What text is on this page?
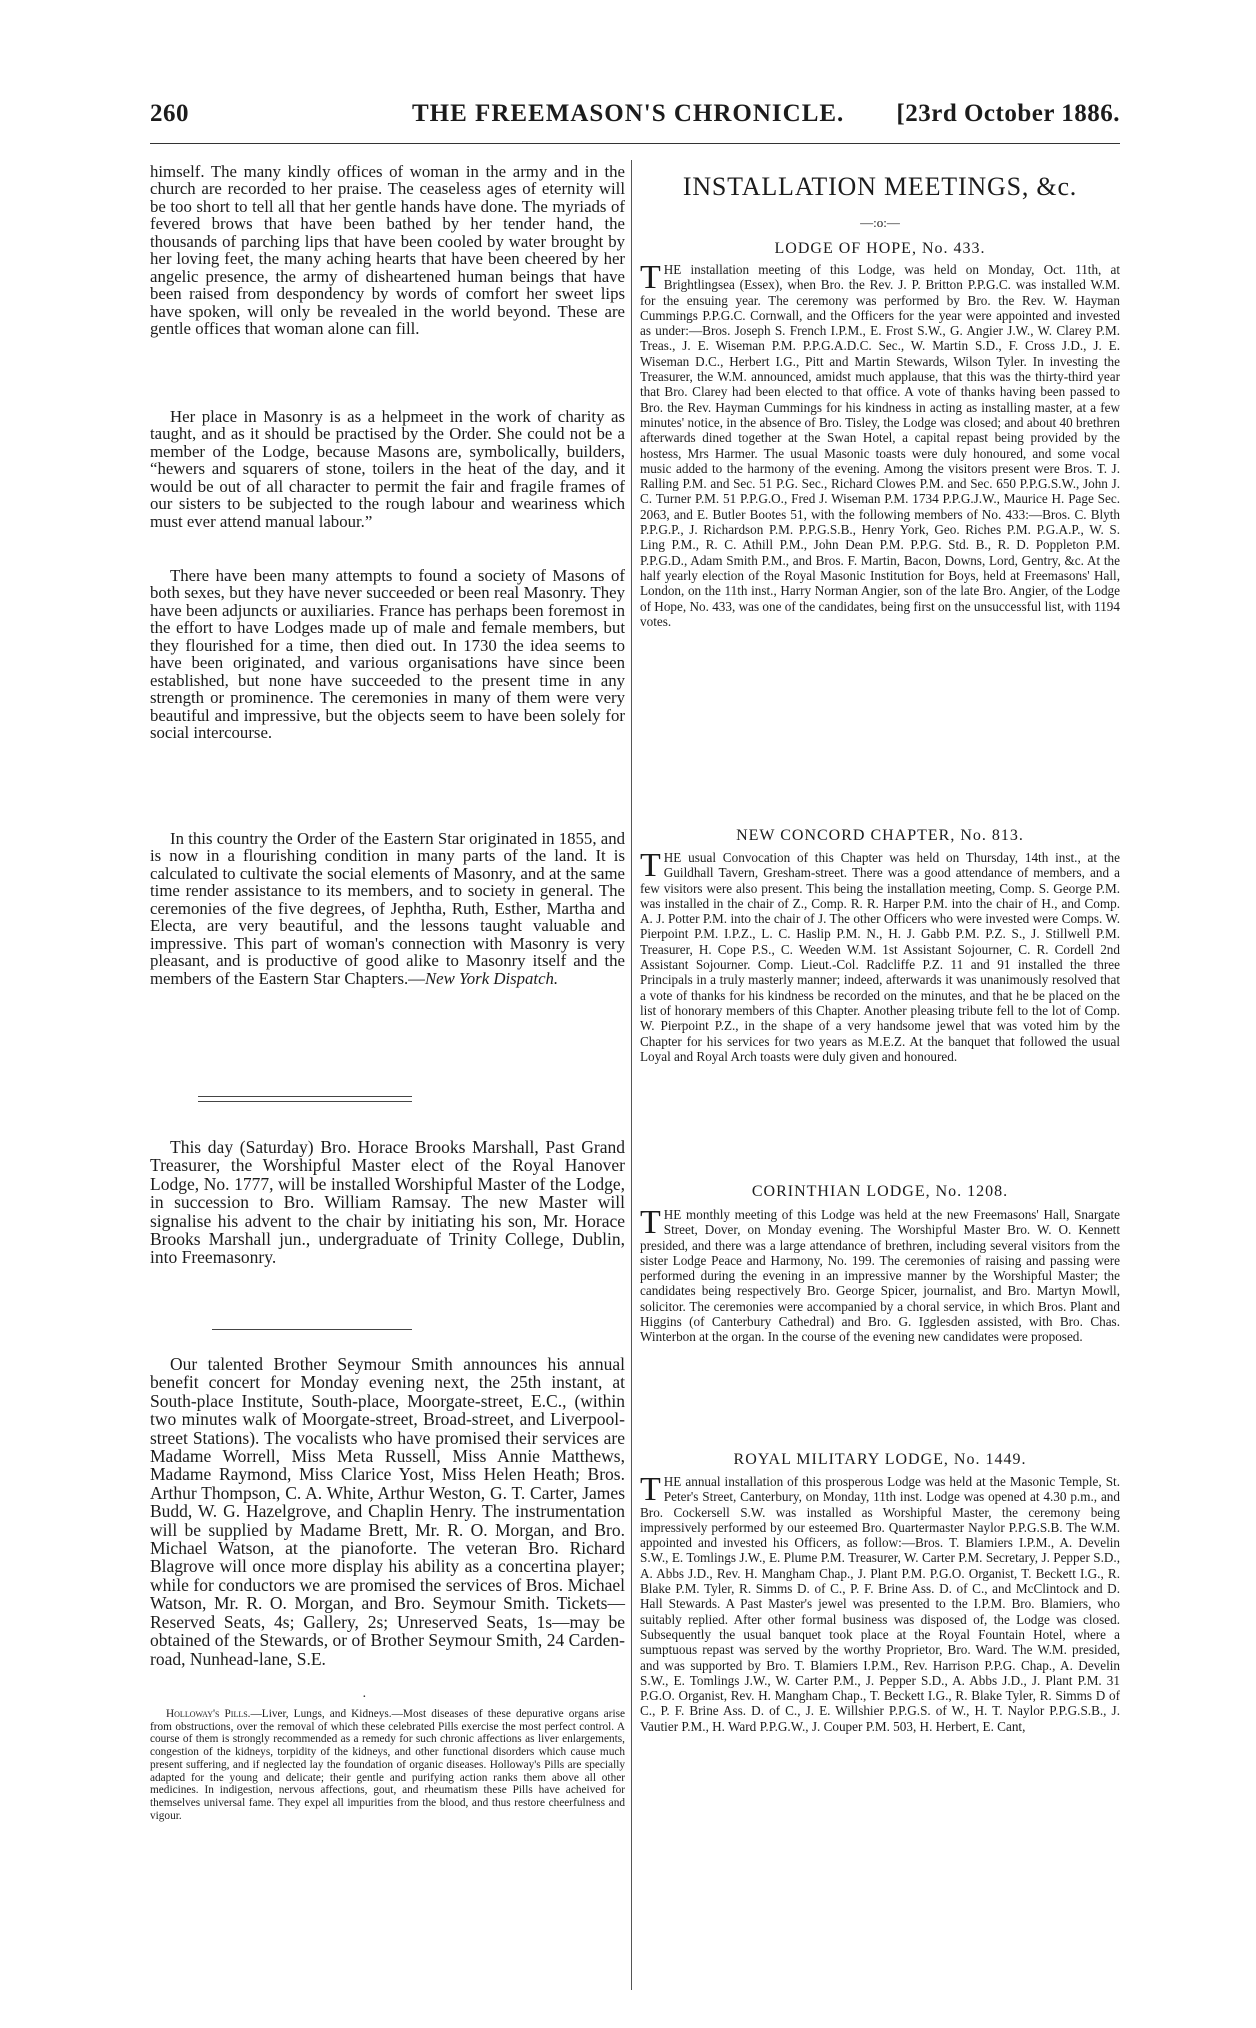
260	THE FREEMASON'S CHRONICLE. [23rd October 1886.

himself. The many kindly offices of woman in the army and in the church are recorded to her praise. The ceaseless ages of eternity will be too short to tell all that her gentle hands have done. The myriads of fevered brows that have been bathed by her tender hand, the thousands of parching lips that have been cooled by water brought by her loving feet, the many aching hearts that have been cheered by her angelic presence, the army of disheartened human beings that have been raised from despondency by words of comfort her sweet lips have spoken, will only be revealed in the world beyond. These are gentle offices that woman alone can fill.

Her place in Masonry is as a helpmeet in the work of charity as taught, and as it should be practised by the Order. She could not be a member of the Lodge, because Masons are, symbolically, builders, “hewers and squarers of stone, toilers in the heat of the day, and it would be out of all character to permit the fair and fragile frames of our sisters to be subjected to the rough labour and weariness which must ever attend manual labour.”

There have been many attempts to found a society of Masons of both sexes, but they have never succeeded or been real Masonry. They have been adjuncts or auxiliaries. France has perhaps been foremost in the effort to have Lodges made up of male and female members, but they flourished for a time, then died out. In 1730 the idea seems to have been originated, and various organisations have since been established, but none have succeeded to the present time in any strength or prominence. The ceremonies in many of them were very beautiful and impressive, but the objects seem to have been solely for social intercourse.

In this country the Order of the Eastern Star originated in 1855, and is now in a flourishing condition in many parts of the land. It is calculated to cultivate the social elements of Masonry, and at the same time render assistance to its members, and to society in general. The ceremonies of the five degrees, of Jephtha, Ruth, Esther, Martha and Electa, are very beautiful, and the lessons taught valuable and impressive. This part of woman's connection with Masonry is very pleasant, and is productive of good alike to Masonry itself and the members of the Eastern Star Chapters.—New York Dispatch.

This day (Saturday) Bro. Horace Brooks Marshall, Past Grand Treasurer, the Worshipful Master elect of the Royal Hanover Lodge, No. 1777, will be installed Worshipful Master of the Lodge, in succession to Bro. William Ramsay. The new Master will signalise his advent to the chair by initiating his son, Mr. Horace Brooks Marshall jun., undergraduate of Trinity College, Dublin, into Freemasonry.

Our talented Brother Seymour Smith announces his annual benefit concert for Monday evening next, the 25th instant, at South-place Institute, South-place, Moorgate-street, E.C., (within two minutes walk of Moorgate-street, Broad-street, and Liverpool-street Stations). The vocalists who have promised their services are Madame Worrell, Miss Meta Russell, Miss Annie Matthews, Madame Raymond, Miss Clarice Yost, Miss Helen Heath; Bros. Arthur Thompson, C. A. White, Arthur Weston, G. T. Carter, James Budd, W. G. Hazelgrove, and Chaplin Henry. The instrumentation will be supplied by Madame Brett, Mr. R. O. Morgan, and Bro. Michael Watson, at the pianoforte. The veteran Bro. Richard Blagrove will once more display his ability as a concertina player; while for conductors we are promised the services of Bros. Michael Watson, Mr. R. O. Morgan, and Bro. Seymour Smith. Tickets—Reserved Seats, 4s; Gallery, 2s; Unreserved Seats, 1s—may be obtained of the Stewards, or of Brother Seymour Smith, 24 Carden-road, Nunhead-lane, S.E.

·

Holloway's Pills.—Liver, Lungs, and Kidneys.—Most diseases of these depurative organs arise from obstructions, over the removal of which these celebrated Pills exercise the most perfect control. A course of them is strongly recommended as a remedy for such chronic affections as liver enlargements, congestion of the kidneys, torpidity of the kidneys, and other functional disorders which cause much present suffering, and if neglected lay the foundation of organic diseases. Holloway's Pills are specially adapted for the young and delicate; their gentle and purifying action ranks them above all other medicines. In indigestion, nervous affections, gout, and rheumatism these Pills have acheived for themselves universal fame. They expel all impurities from the blood, and thus restore cheerfulness and vigour.

INSTALLATION MEETINGS, &c.
—:o:—
LODGE OF HOPE, No. 433.

THE installation meeting of this Lodge, was held on Monday, Oct. 11th, at Brightlingsea (Essex), when Bro. the Rev. J. P. Britton P.P.G.C. was installed W.M. for the ensuing year. The ceremony was performed by Bro. the Rev. W. Hayman Cummings P.P.G.C. Cornwall, and the Officers for the year were appointed and invested as under:—Bros. Joseph S. French I.P.M., E. Frost S.W., G. Angier J.W., W. Clarey P.M. Treas., J. E. Wiseman P.M. P.P.G.A.D.C. Sec., W. Martin S.D., F. Cross J.D., J. E. Wiseman D.C., Herbert I.G., Pitt and Martin Stewards, Wilson Tyler. In investing the Treasurer, the W.M. announced, amidst much applause, that this was the thirty-third year that Bro. Clarey had been elected to that office. A vote of thanks having been passed to Bro. the Rev. Hayman Cummings for his kindness in acting as installing master, at a few minutes' notice, in the absence of Bro. Tisley, the Lodge was closed; and about 40 brethren afterwards dined together at the Swan Hotel, a capital repast being provided by the hostess, Mrs Harmer. The usual Masonic toasts were duly honoured, and some vocal music added to the harmony of the evening. Among the visitors present were Bros. T. J. Ralling P.M. and Sec. 51 P.G. Sec., Richard Clowes P.M. and Sec. 650 P.P.G.S.W., John J. C. Turner P.M. 51 P.P.G.O., Fred J. Wiseman P.M. 1734 P.P.G.J.W., Maurice H. Page Sec. 2063, and E. Butler Bootes 51, with the following members of No. 433:—Bros. C. Blyth P.P.G.P., J. Richardson P.M. P.P.G.S.B., Henry York, Geo. Riches P.M. P.G.A.P., W. S. Ling P.M., R. C. Athill P.M., John Dean P.M. P.P.G. Std. B., R. D. Poppleton P.M. P.P.G.D., Adam Smith P.M., and Bros. F. Martin, Bacon, Downs, Lord, Gentry, &c. At the half yearly election of the Royal Masonic Institution for Boys, held at Freemasons' Hall, London, on the 11th inst., Harry Norman Angier, son of the late Bro. Angier, of the Lodge of Hope, No. 433, was one of the candidates, being first on the unsuccessful list, with 1194 votes.

NEW CONCORD CHAPTER, No. 813.

THE usual Convocation of this Chapter was held on Thursday, 14th inst., at the Guildhall Tavern, Gresham-street. There was a good attendance of members, and a few visitors were also present. This being the installation meeting, Comp. S. George P.M. was installed in the chair of Z., Comp. R. R. Harper P.M. into the chair of H., and Comp. A. J. Potter P.M. into the chair of J. The other Officers who were invested were Comps. W. Pierpoint P.M. I.P.Z., L. C. Haslip P.M. N., H. J. Gabb P.M. P.Z. S., J. Stillwell P.M. Treasurer, H. Cope P.S., C. Weeden W.M. 1st Assistant Sojourner, C. R. Cordell 2nd Assistant Sojourner. Comp. Lieut.-Col. Radcliffe P.Z. 11 and 91 installed the three Principals in a truly masterly manner; indeed, afterwards it was unanimously resolved that a vote of thanks for his kindness be recorded on the minutes, and that he be placed on the list of honorary members of this Chapter. Another pleasing tribute fell to the lot of Comp. W. Pierpoint P.Z., in the shape of a very handsome jewel that was voted him by the Chapter for his services for two years as M.E.Z. At the banquet that followed the usual Loyal and Royal Arch toasts were duly given and honoured.

CORINTHIAN LODGE, No. 1208.

THE monthly meeting of this Lodge was held at the new Freemasons' Hall, Snargate Street, Dover, on Monday evening. The Worshipful Master Bro. W. O. Kennett presided, and there was a large attendance of brethren, including several visitors from the sister Lodge Peace and Harmony, No. 199. The ceremonies of raising and passing were performed during the evening in an impressive manner by the Worshipful Master; the candidates being respectively Bro. George Spicer, journalist, and Bro. Martyn Mowll, solicitor. The ceremonies were accompanied by a choral service, in which Bros. Plant and Higgins (of Canterbury Cathedral) and Bro. G. Igglesden assisted, with Bro. Chas. Winterbon at the organ. In the course of the evening new candidates were proposed.

ROYAL MILITARY LODGE, No. 1449.

THE annual installation of this prosperous Lodge was held at the Masonic Temple, St. Peter's Street, Canterbury, on Monday, 11th inst. Lodge was opened at 4.30 p.m., and Bro. Cockersell S.W. was installed as Worshipful Master, the ceremony being impressively performed by our esteemed Bro. Quartermaster Naylor P.P.G.S.B. The W.M. appointed and invested his Officers, as follow:—Bros. T. Blamiers I.P.M., A. Develin S.W., E. Tomlings J.W., E. Plume P.M. Treasurer, W. Carter P.M. Secretary, J. Pepper S.D., A. Abbs J.D., Rev. H. Mangham Chap., J. Plant P.M. P.G.O. Organist, T. Beckett I.G., R. Blake P.M. Tyler, R. Simms D. of C., P. F. Brine Ass. D. of C., and McClintock and D. Hall Stewards. A Past Master's jewel was presented to the I.P.M. Bro. Blamiers, who suitably replied. After other formal business was disposed of, the Lodge was closed. Subsequently the usual banquet took place at the Royal Fountain Hotel, where a sumptuous repast was served by the worthy Proprietor, Bro. Ward. The W.M. presided, and was supported by Bro. T. Blamiers I.P.M., Rev. Harrison P.P.G. Chap., A. Develin S.W., E. Tomlings J.W., W. Carter P.M., J. Pepper S.D., A. Abbs J.D., J. Plant P.M. 31 P.G.O. Organist, Rev. H. Mangham Chap., T. Beckett I.G., R. Blake Tyler, R. Simms D of C., P. F. Brine Ass. D. of C., J. E. Willshier P.P.G.S. of W., H. T. Naylor P.P.G.S.B., J. Vautier P.M., H. Ward P.P.G.W., J. Couper P.M. 503, H. Herbert, E. Cant,
